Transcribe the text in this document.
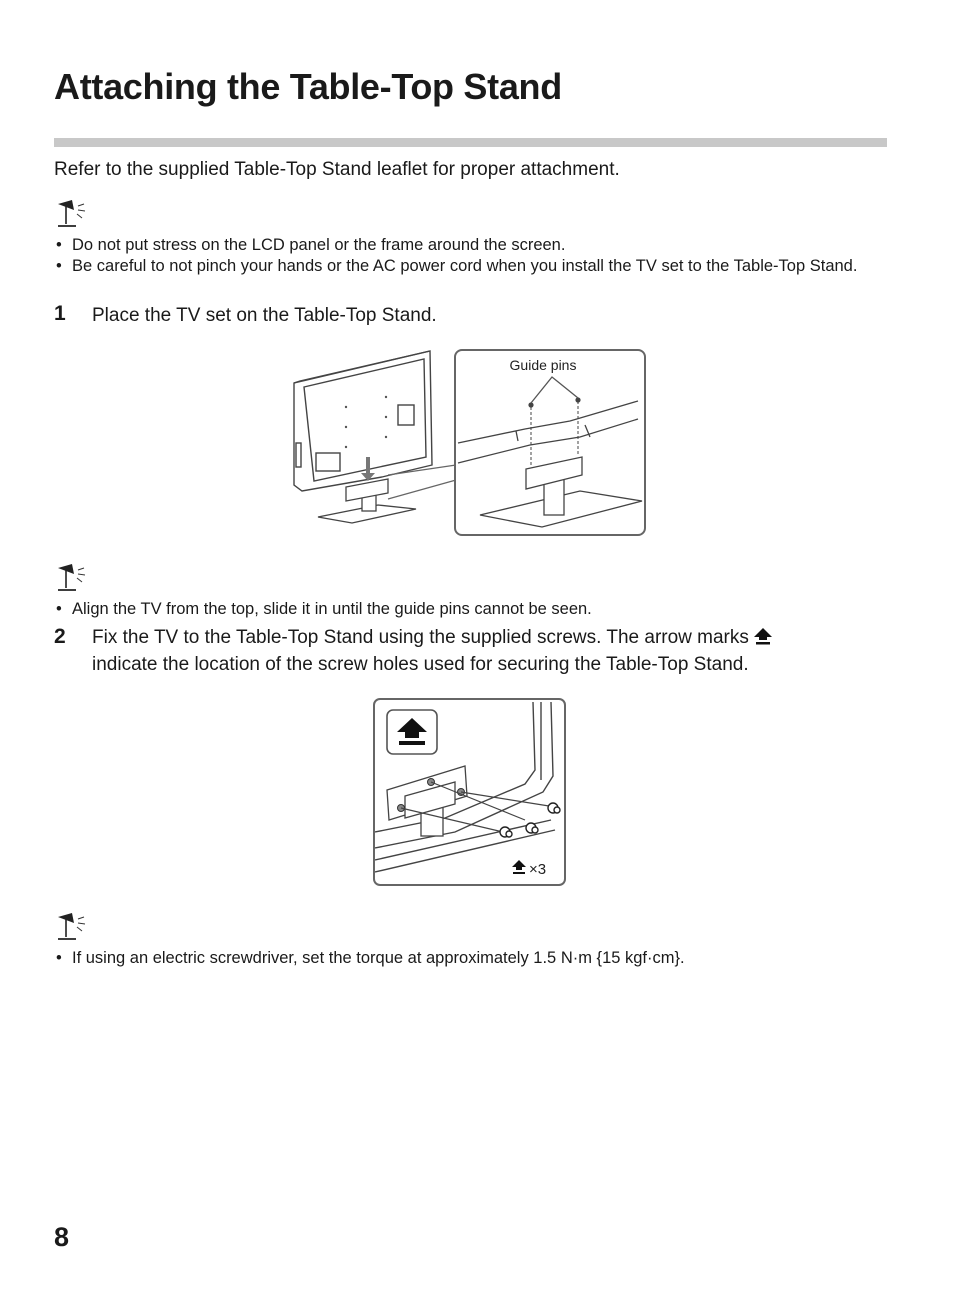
Attaching the Table-Top Stand
Refer to the supplied Table-Top Stand leaflet for proper attachment.
• Do not put stress on the LCD panel or the frame around the screen.
• Be careful to not pinch your hands or the AC power cord when you install the TV set to the Table-Top Stand.
1 Place the TV set on the Table-Top Stand.
Guide pins
• Align the TV from the top, slide it in until the guide pins cannot be seen.
2 Fix the TV to the Table-Top Stand using the supplied screws. The arrow marks
indicate the location of the screw holes used for securing the Table-Top Stand.
×3
• If using an electric screwdriver, set the torque at approximately 1.5 N·m {15 kgf·cm}.
8
